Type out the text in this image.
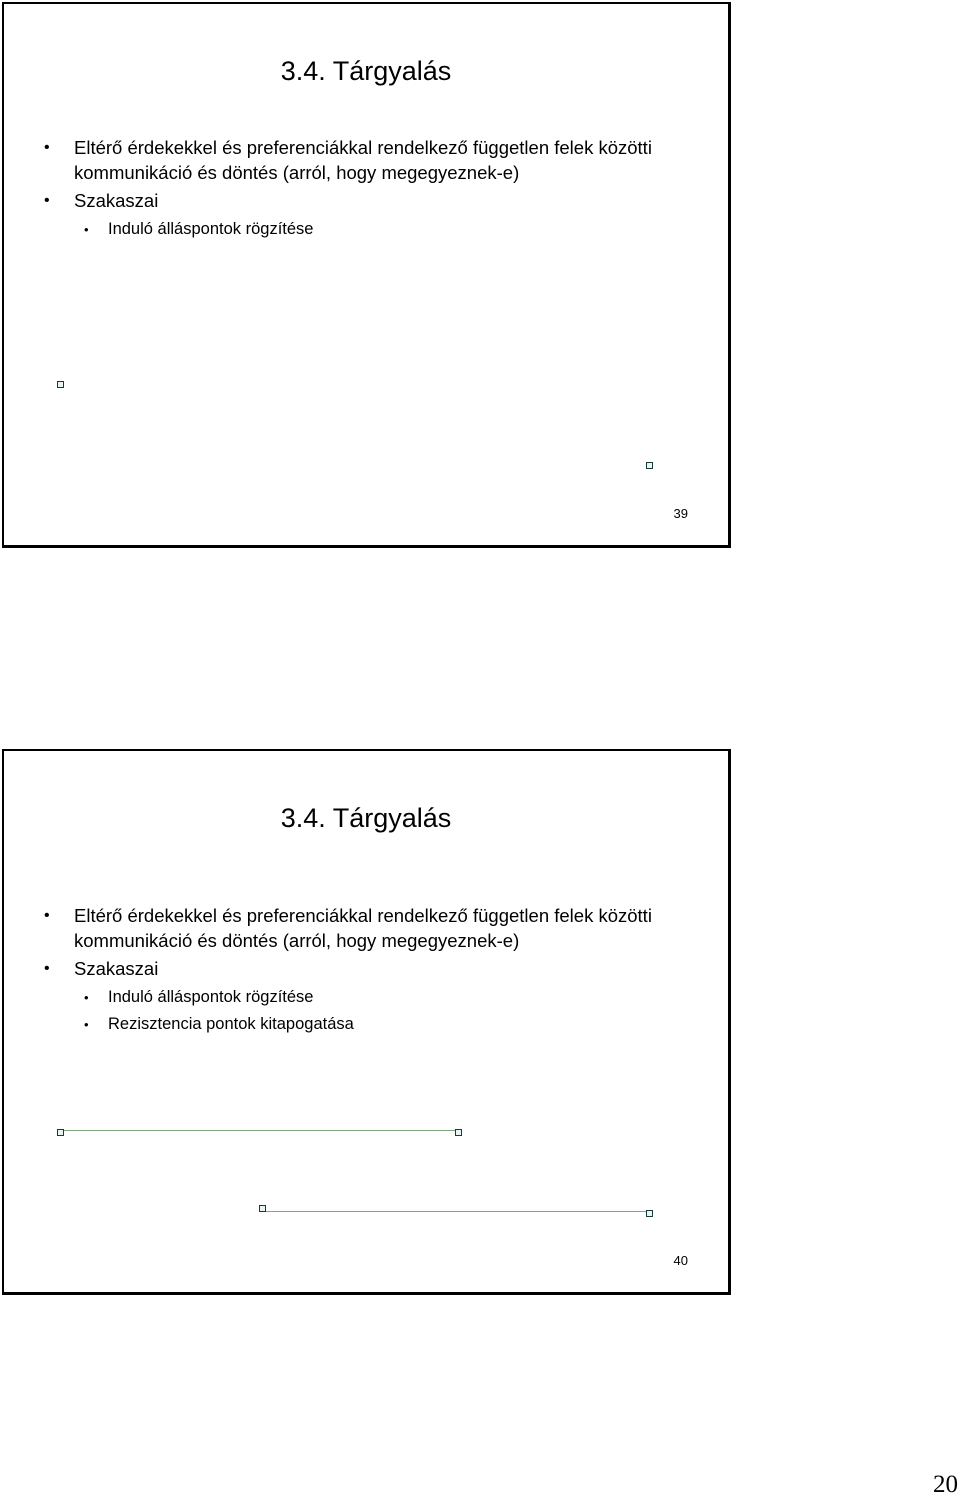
3.4. Tárgyalás
• Eltérő érdekekkel és preferenciákkal rendelkező független felek közötti kommunikáció és döntés (arról, hogy megegyeznek-e)
• Szakaszai
• Induló álláspontok rögzítése
39
3.4. Tárgyalás
• Eltérő érdekekkel és preferenciákkal rendelkező független felek közötti kommunikáció és döntés (arról, hogy megegyeznek-e)
• Szakaszai
• Induló álláspontok rögzítése
• Rezisztencia pontok kitapogatása
40
20
